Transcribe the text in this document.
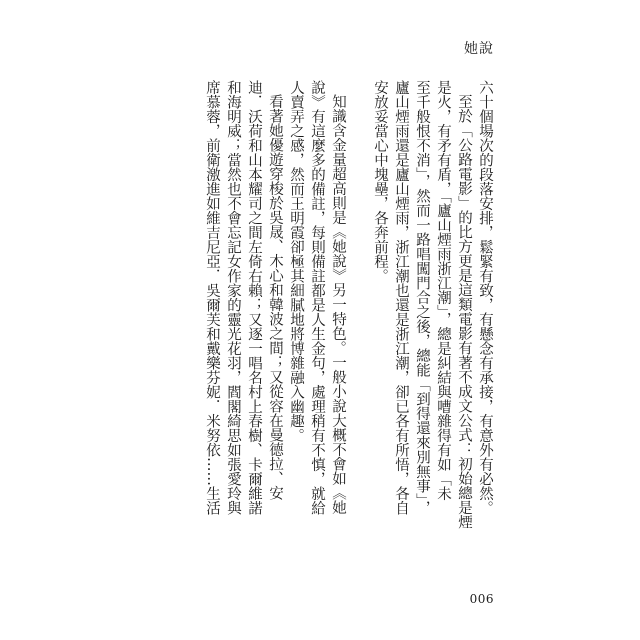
她說
六十個場次的段落安排，鬆緊有致，有懸念有承接，有意外有必然。
至於「公路電影」的比方更是這類電影有著不成文公式：初始總是煙
是火，有矛有盾，「廬山煙雨浙江潮」，總是糾結與嘈雜得有如「未
至千般恨不消」，然而一路唱闖門合之後，總能「到得還來別無事」，
廬山煙雨還是廬山煙雨，浙江潮也還是浙江潮，卻已各有所悟，各自
安放妥當心中塊壘，各奔前程。
知識含金量超高則是《她說》另一特色。一般小說大概不會如《她
說》有這麼多的備註，每則備註都是人生金句，處理稍有不慎，就給
人賣弄之感，然而王明霞卻極其細膩地將博雜融入幽趣。
看著她優遊穿梭於吳晟、木心和韓波之間；又從容在曼德拉、安
迪．沃荷和山本耀司之間左倚右賴；又逐一唱名村上春樹、卡爾維諾
和海明威；當然也不會忘記女作家的靈光花羽，閻閣綺思如張愛玲與
席慕蓉，前衛激進如維吉尼亞．吳爾芙和戴樂芬妮．米努依……生活
006
